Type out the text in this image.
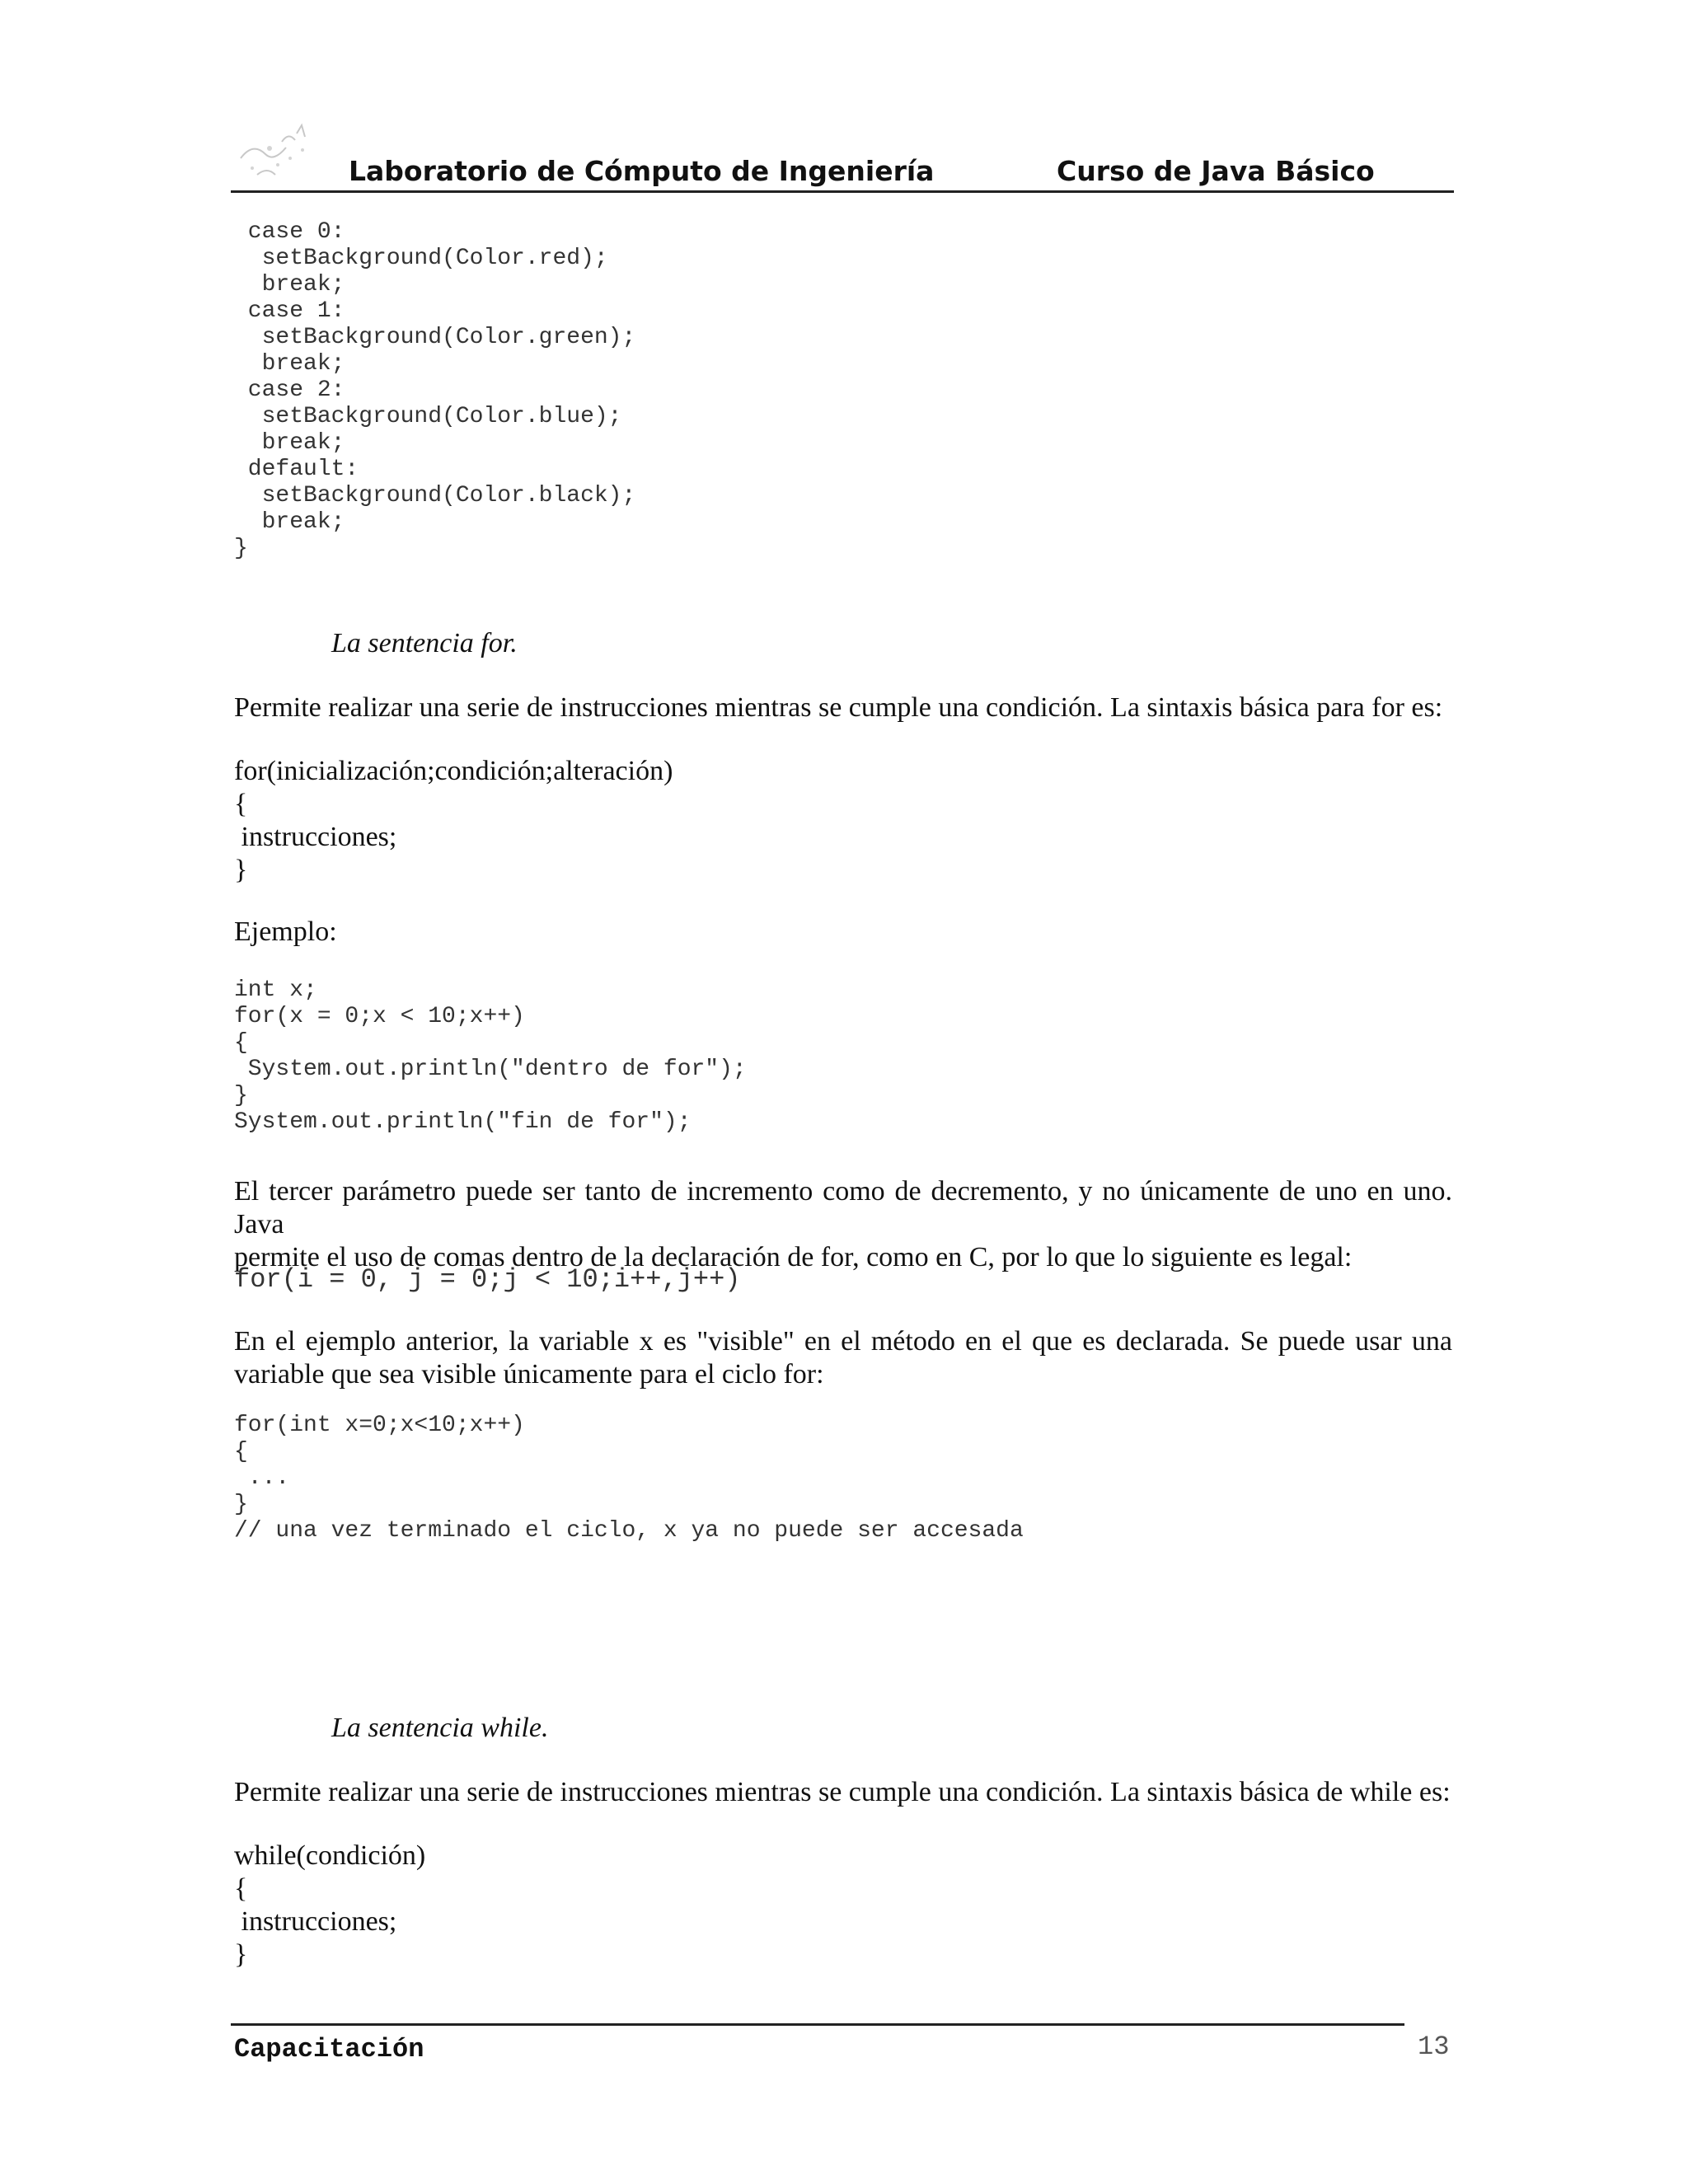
Laboratorio de Cómputo de Ingeniería	Curso de Java Básico
case 0:
setBackground(Color.red);
break;
case 1:
setBackground(Color.green);
break;
case 2:
setBackground(Color.blue);
break;
default:
setBackground(Color.black);
break;
}
La sentencia for.
Permite realizar una serie de instrucciones mientras se cumple una condición. La sintaxis básica para for es:
for(inicialización;condición;alteración)
{
instrucciones;
}
Ejemplo:
int x;
for(x = 0;x < 10;x++)
{
System.out.println("dentro de for");
}
System.out.println("fin de for");
El tercer parámetro puede ser tanto de incremento como de decremento, y no únicamente de uno en uno. Java
permite el uso de comas dentro de la declaración de for, como en C, por lo que lo siguiente es legal:
for(i = 0, j = 0;j < 10;i++,j++)
En el ejemplo anterior, la variable x es "visible" en el método en el que es declarada. Se puede usar una
variable que sea visible únicamente para el ciclo for:
for(int x=0;x<10;x++)
{
...
}
// una vez terminado el ciclo, x ya no puede ser accesada
La sentencia while.
Permite realizar una serie de instrucciones mientras se cumple una condición. La sintaxis básica de while es:
while(condición)
{
instrucciones;
}
Capacitación	13
